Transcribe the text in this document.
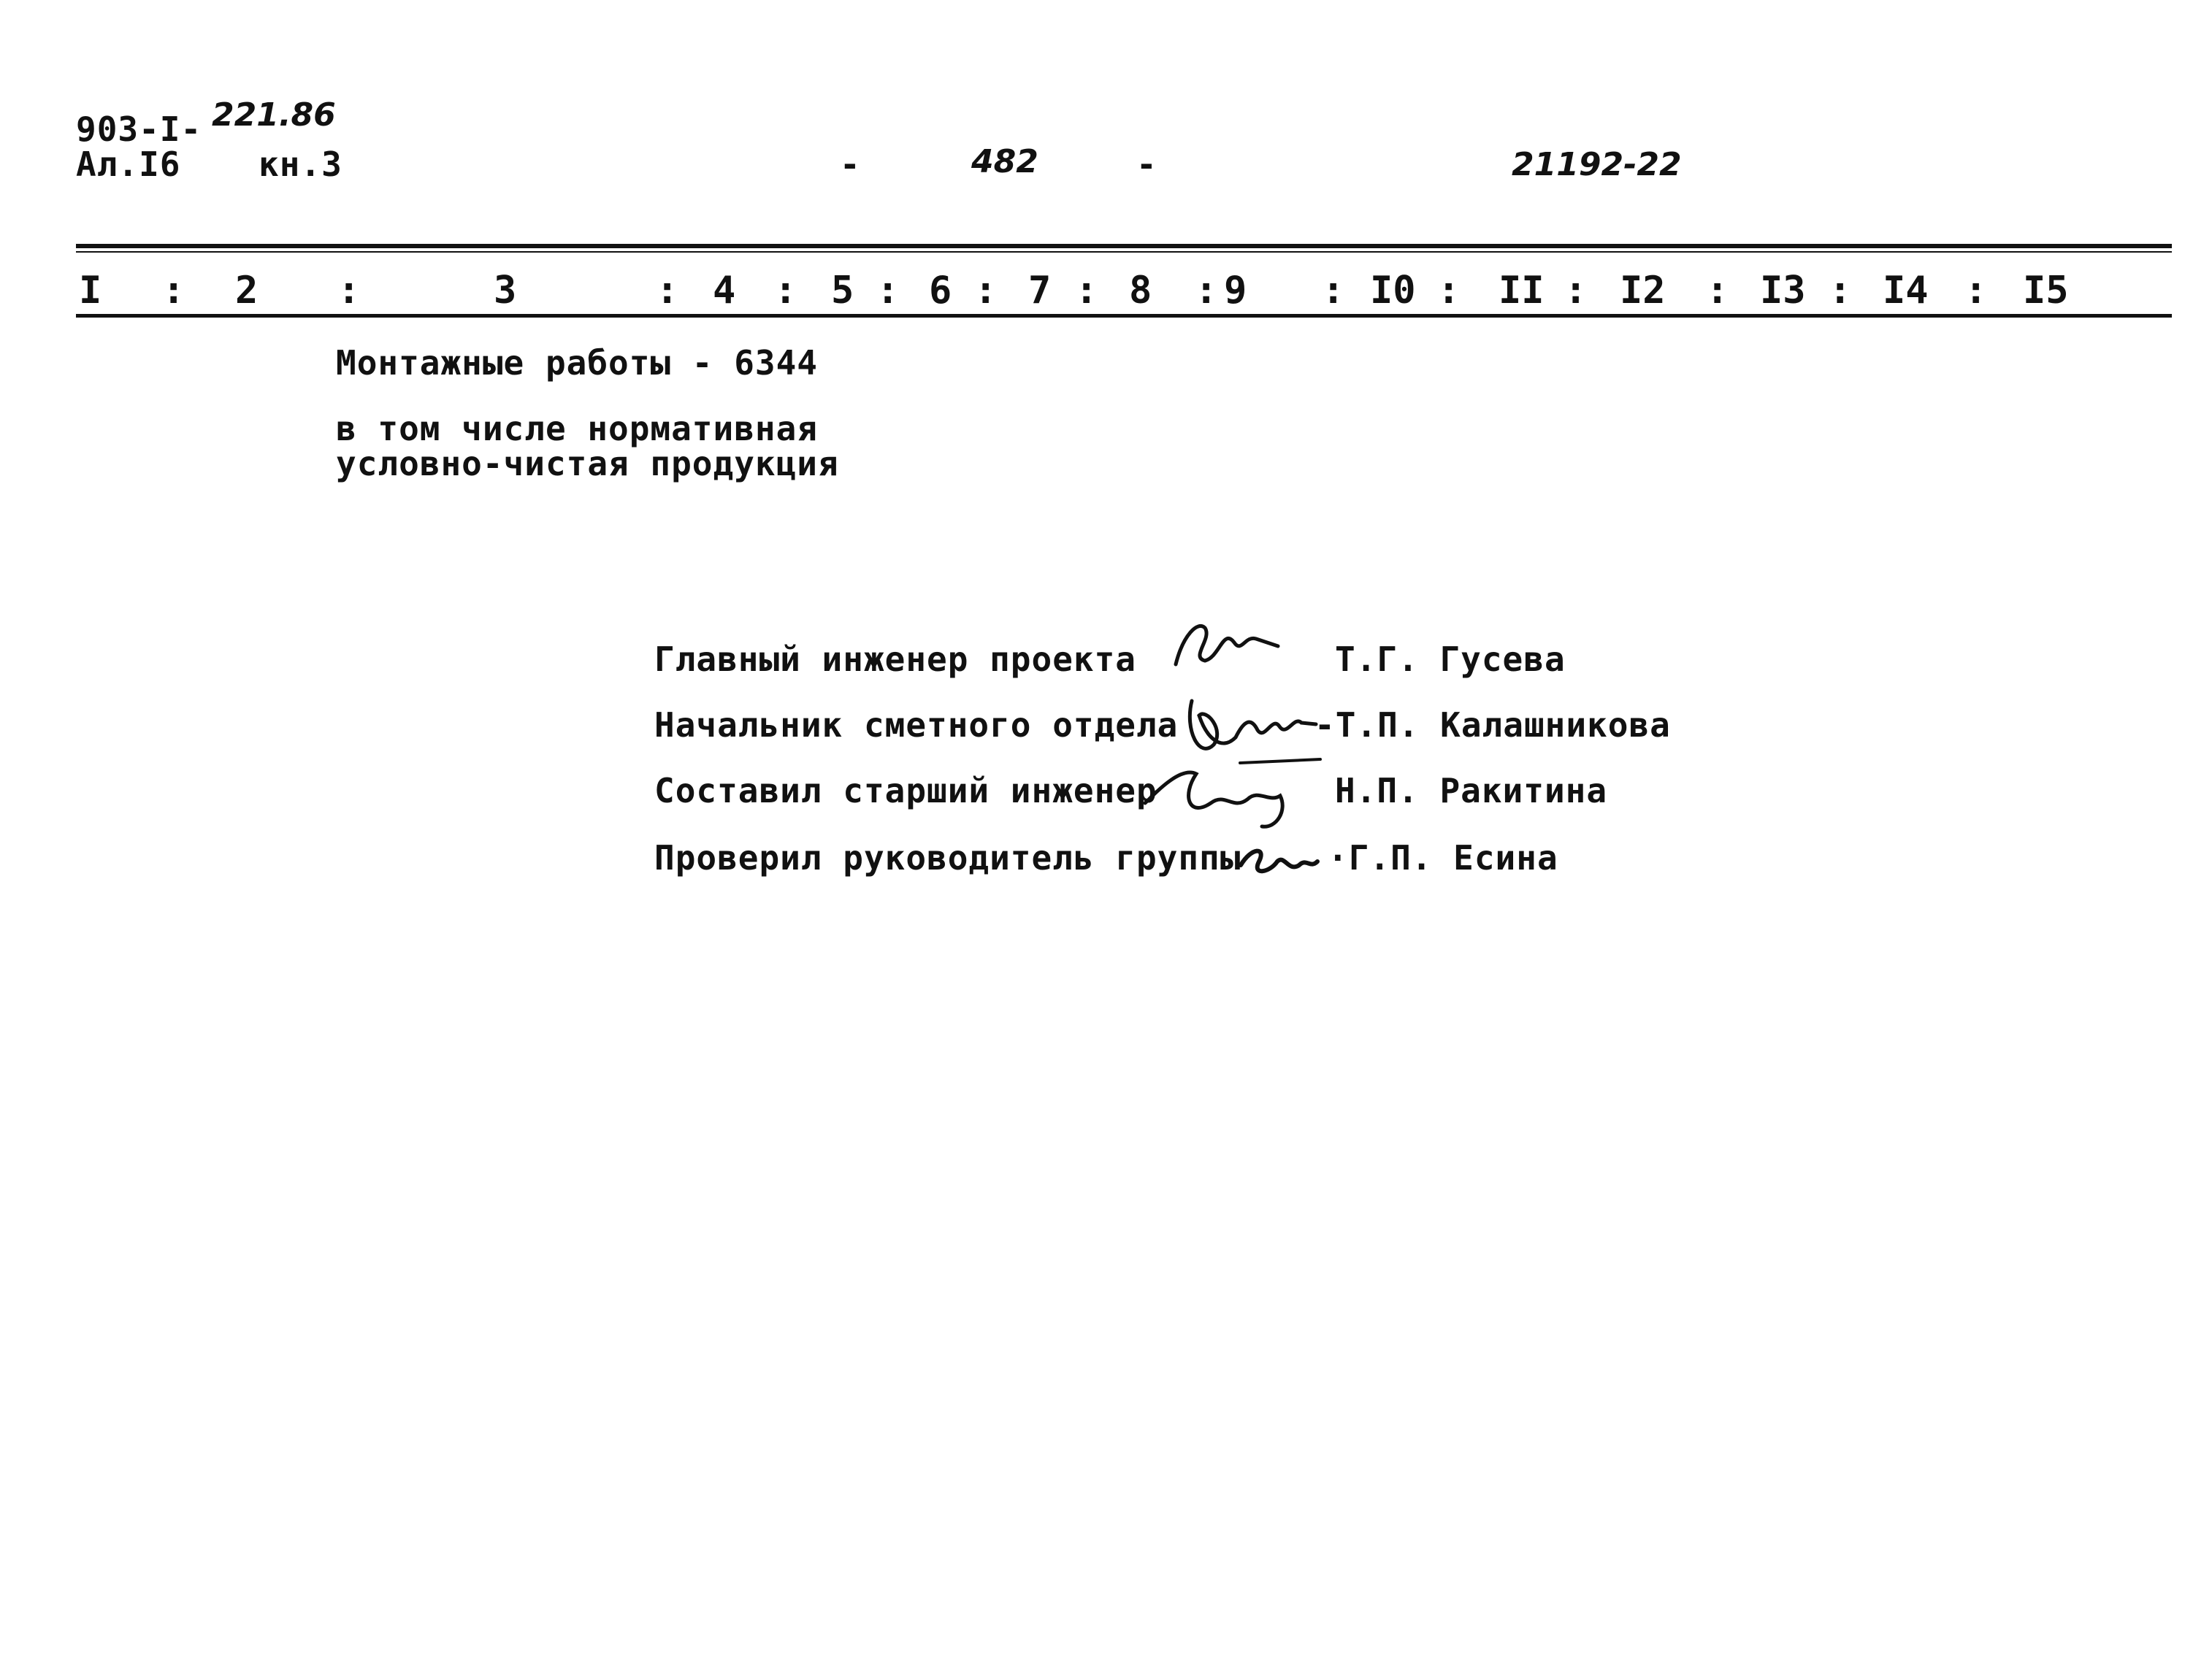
903-I- 221.86
Ал.I6 кн.3	-	482	-	21192-22
I : 2 :	3	: 4 : 5 : 6 : 7 : 8 : 9 : I0 : II : I2 : I3 : I4 : I5
Монтажные работы - 6344
в том числе нормативная
условно-чистая продукция
Главный инженер проекта	Т.Г. Гусева
Начальник сметного отдела	-Т.П. Калашникова
Составил старший инженер	Н.П. Ракитина
Проверил руководитель группы	·Г.П. Есина
